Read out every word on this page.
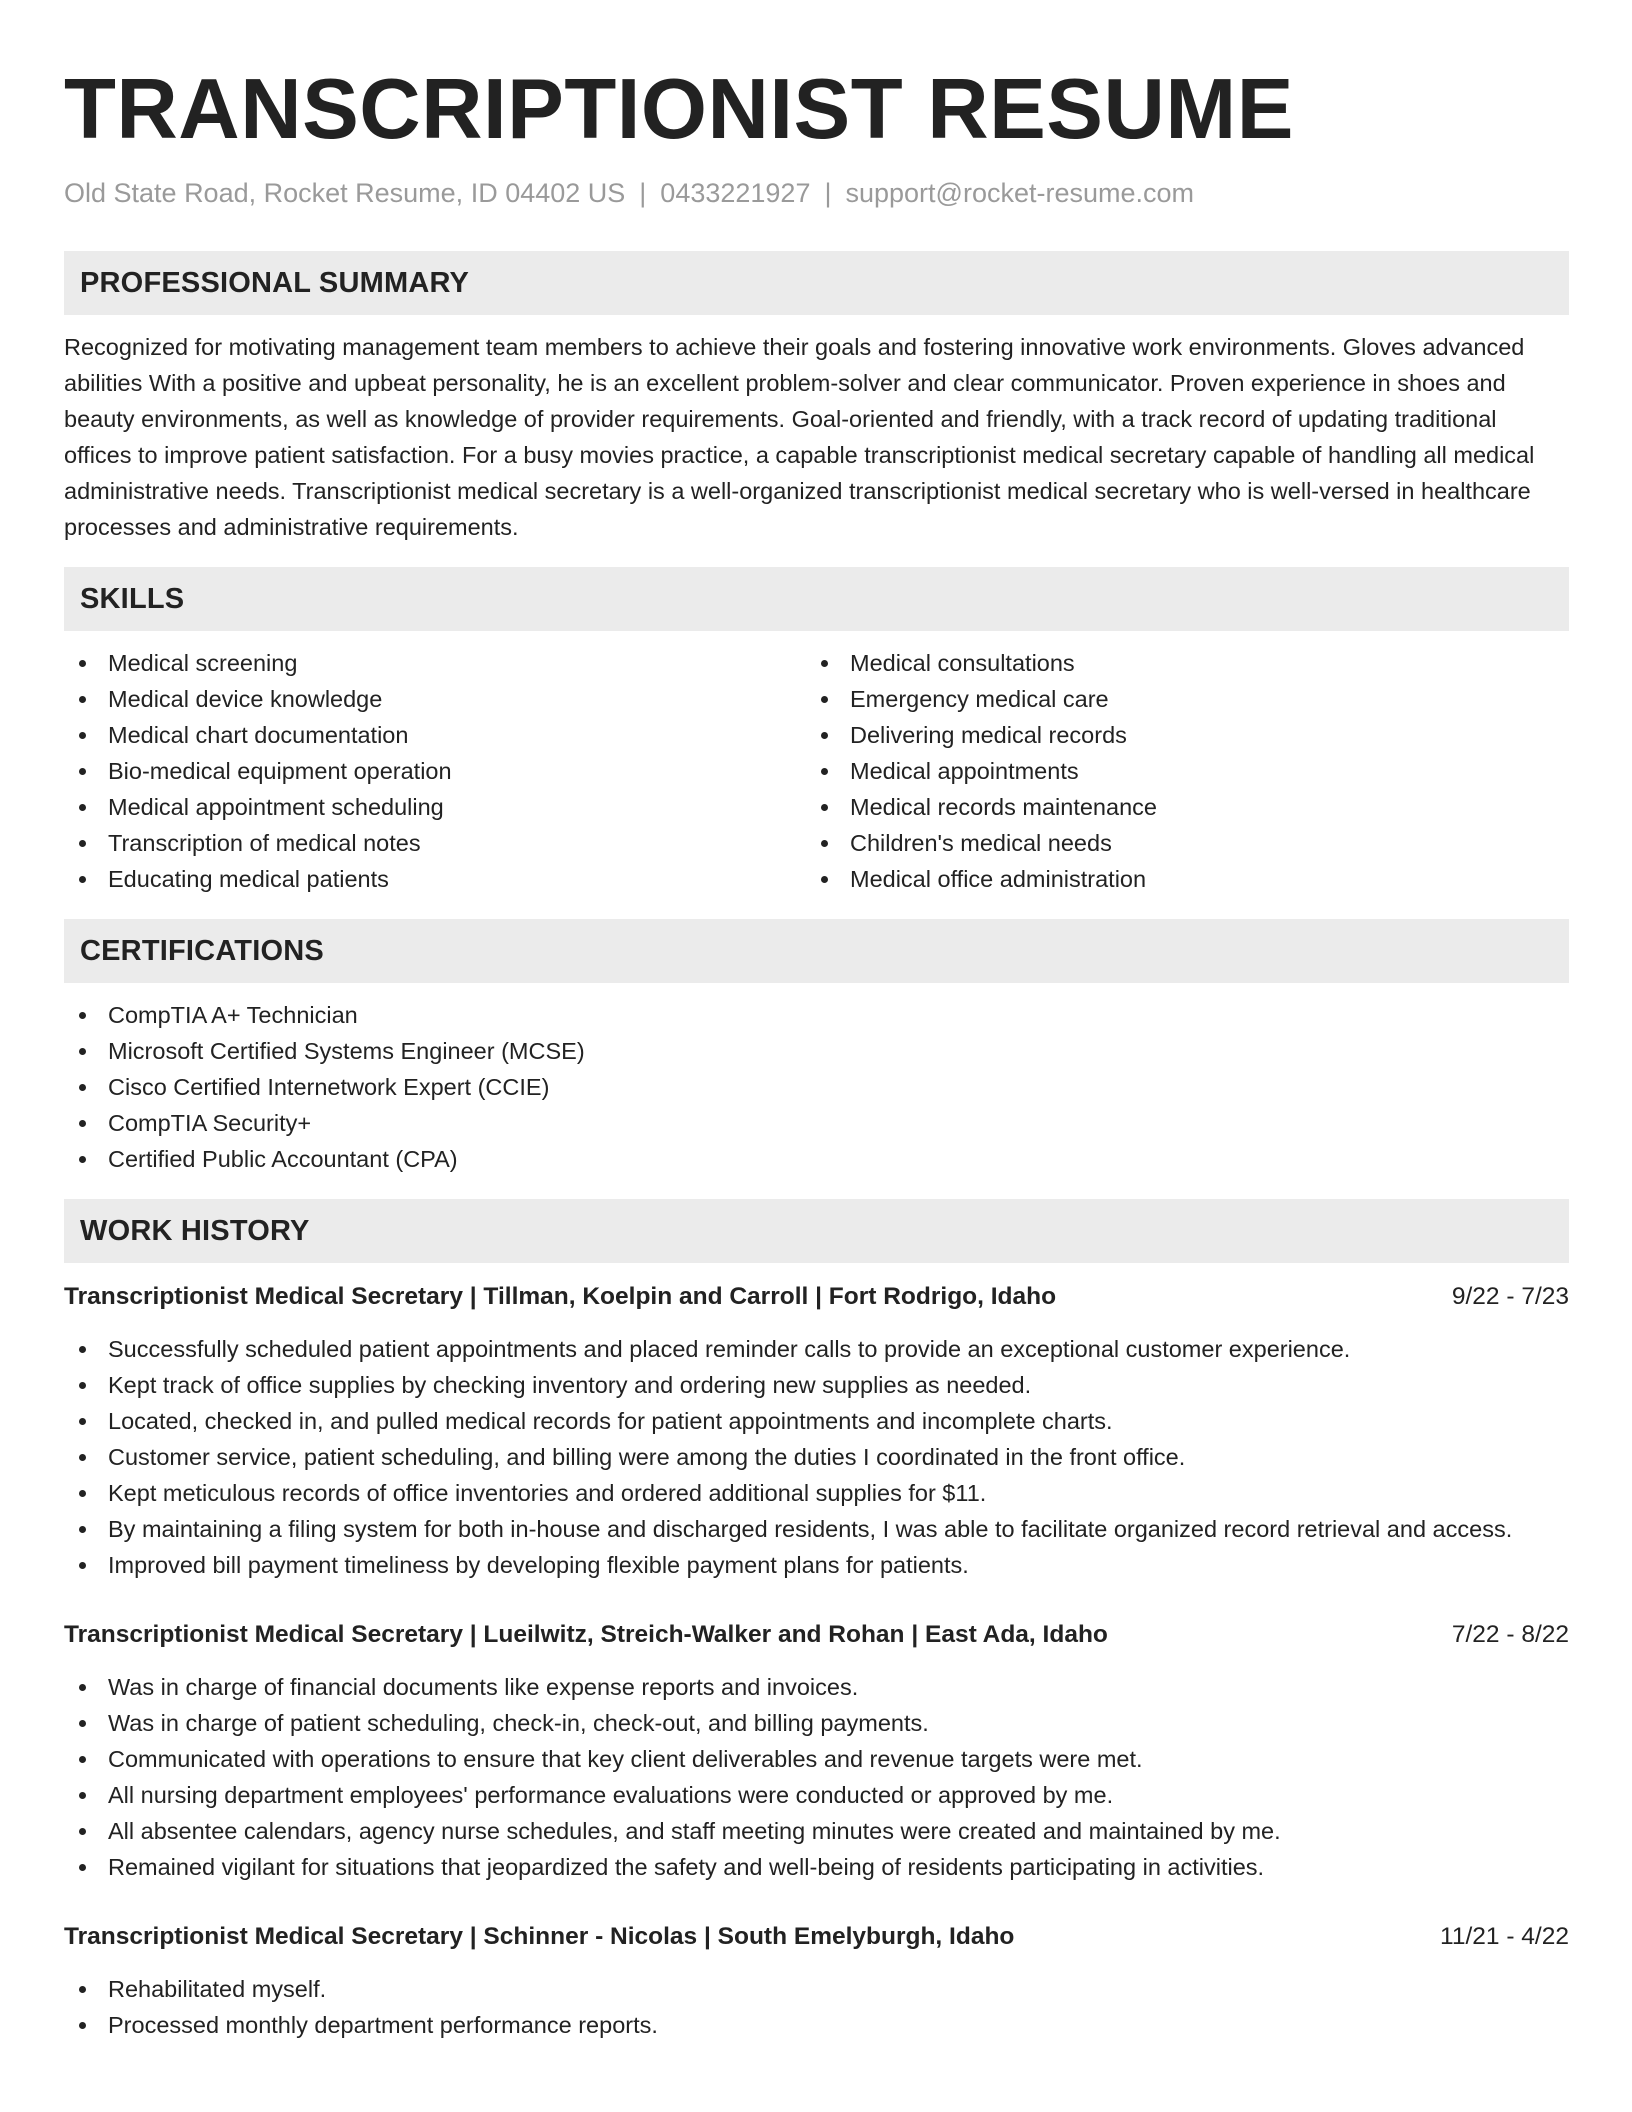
TRANSCRIPTIONIST RESUME
Old State Road, Rocket Resume, ID 04402 US | 0433221927 | support@rocket-resume.com
PROFESSIONAL SUMMARY

Recognized for motivating management team members to achieve their goals and fostering innovative work environments. Gloves advanced abilities With a positive and upbeat personality, he is an excellent problem-solver and clear communicator. Proven experience in shoes and beauty environments, as well as knowledge of provider requirements. Goal-oriented and friendly, with a track record of updating traditional offices to improve patient satisfaction. For a busy movies practice, a capable transcriptionist medical secretary capable of handling all medical administrative needs. Transcriptionist medical secretary is a well-organized transcriptionist medical secretary who is well-versed in healthcare processes and administrative requirements.

SKILLS
Medical screening
Medical device knowledge
Medical chart documentation
Bio-medical equipment operation
Medical appointment scheduling
Transcription of medical notes
Educating medical patients
Medical consultations
Emergency medical care
Delivering medical records
Medical appointments
Medical records maintenance
Children's medical needs
Medical office administration
CERTIFICATIONS
CompTIA A+ Technician
Microsoft Certified Systems Engineer (MCSE)
Cisco Certified Internetwork Expert (CCIE)
CompTIA Security+
Certified Public Accountant (CPA)
WORK HISTORY
Transcriptionist Medical Secretary | Tillman, Koelpin and Carroll | Fort Rodrigo, Idaho	9/22 - 7/23
Successfully scheduled patient appointments and placed reminder calls to provide an exceptional customer experience.
Kept track of office supplies by checking inventory and ordering new supplies as needed.
Located, checked in, and pulled medical records for patient appointments and incomplete charts.
Customer service, patient scheduling, and billing were among the duties I coordinated in the front office.
Kept meticulous records of office inventories and ordered additional supplies for $11.
By maintaining a filing system for both in-house and discharged residents, I was able to facilitate organized record retrieval and access.
Improved bill payment timeliness by developing flexible payment plans for patients.
Transcriptionist Medical Secretary | Lueilwitz, Streich-Walker and Rohan | East Ada, Idaho	7/22 - 8/22
Was in charge of financial documents like expense reports and invoices.
Was in charge of patient scheduling, check-in, check-out, and billing payments.
Communicated with operations to ensure that key client deliverables and revenue targets were met.
All nursing department employees' performance evaluations were conducted or approved by me.
All absentee calendars, agency nurse schedules, and staff meeting minutes were created and maintained by me.
Remained vigilant for situations that jeopardized the safety and well-being of residents participating in activities.
Transcriptionist Medical Secretary | Schinner - Nicolas | South Emelyburgh, Idaho	11/21 - 4/22
Rehabilitated myself.
Processed monthly department performance reports.
